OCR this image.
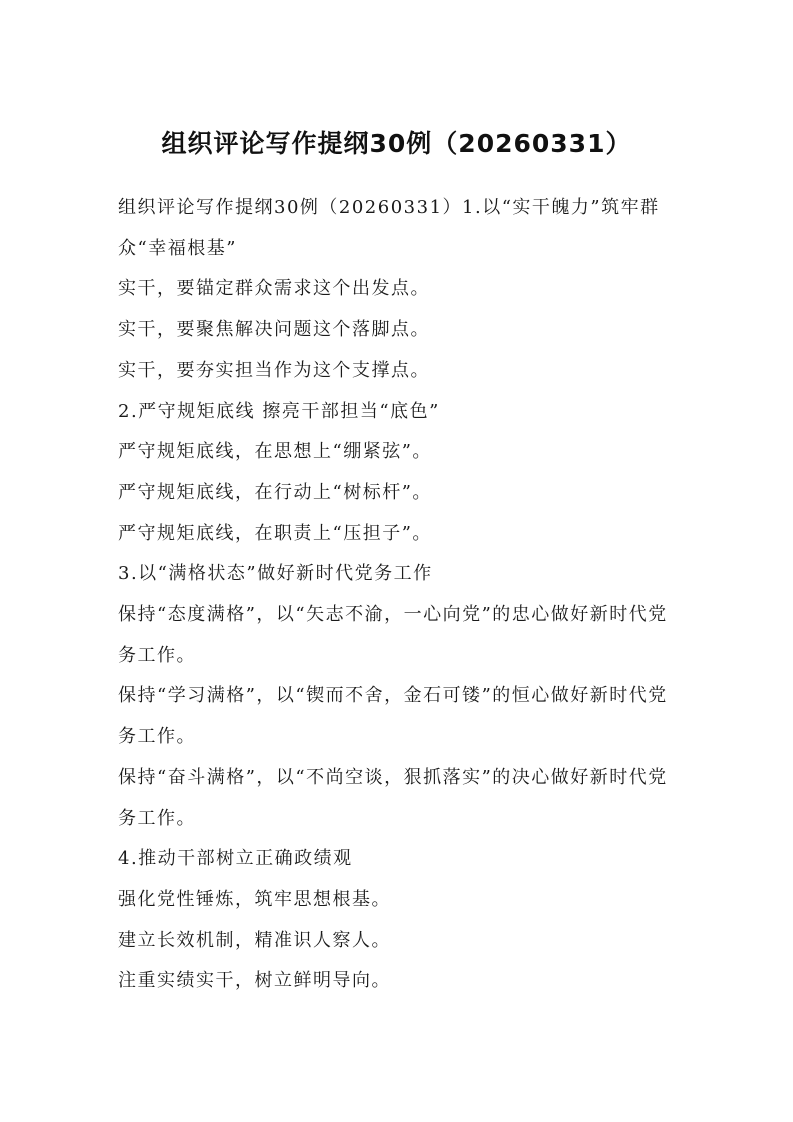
组织评论写作提纲30例（20260331）

组织评论写作提纲30例（20260331）1.以“实干魄力”筑牢群众“幸福根基”

实干，要锚定群众需求这个出发点。

实干，要聚焦解决问题这个落脚点。

实干，要夯实担当作为这个支撑点。

2.严守规矩底线 擦亮干部担当“底色”

严守规矩底线，在思想上“绷紧弦”。

严守规矩底线，在行动上“树标杆”。

严守规矩底线，在职责上“压担子”。

3.以“满格状态”做好新时代党务工作

保持“态度满格”，以“矢志不渝，一心向党”的忠心做好新时代党务工作。

保持“学习满格”，以“锲而不舍，金石可镂”的恒心做好新时代党务工作。

保持“奋斗满格”，以“不尚空谈，狠抓落实”的决心做好新时代党务工作。

4.推动干部树立正确政绩观

强化党性锤炼，筑牢思想根基。

建立长效机制，精准识人察人。

注重实绩实干，树立鲜明导向。
